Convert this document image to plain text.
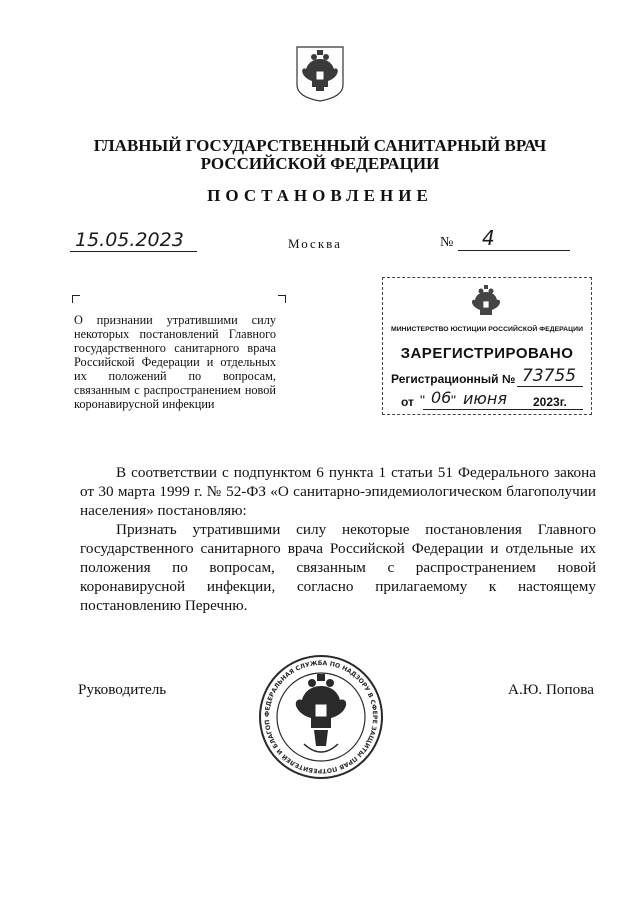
ГЛАВНЫЙ ГОСУДАРСТВЕННЫЙ САНИТАРНЫЙ ВРАЧ
РОССИЙСКОЙ ФЕДЕРАЦИИ
ПОСТАНОВЛЕНИЕ
15.05.2023	Москва	№ 4
О признании утратившими силу некоторых постановлений Главного государственного санитарного врача Российской Федерации и отдельных их положений по вопросам, связанным с распространением новой коронавирусной инфекции
МИНИСТЕРСТВО ЮСТИЦИИ РОССИЙСКОЙ ФЕДЕРАЦИИ
ЗАРЕГИСТРИРОВАНО
Регистрационный № 73755
от " 06 " июня 2023г.

В соответствии с подпунктом 6 пункта 1 статьи 51 Федерального закона от 30 марта 1999 г. № 52-ФЗ «О санитарно-эпидемиологическом благополучии населения» постановляю:

Признать утратившими силу некоторые постановления Главного государственного санитарного врача Российской Федерации и отдельные их положения по вопросам, связанным с распространением новой коронавирусной инфекции, согласно прилагаемому к настоящему постановлению Перечню.

ФЕДЕРАЛЬНАЯ СЛУЖБА ПО НАДЗОРУ В СФЕРЕ ЗАЩИТЫ ПРАВ ПОТРЕБИТЕЛЕЙ И БЛАГОП
Руководитель	А.Ю. Попова
